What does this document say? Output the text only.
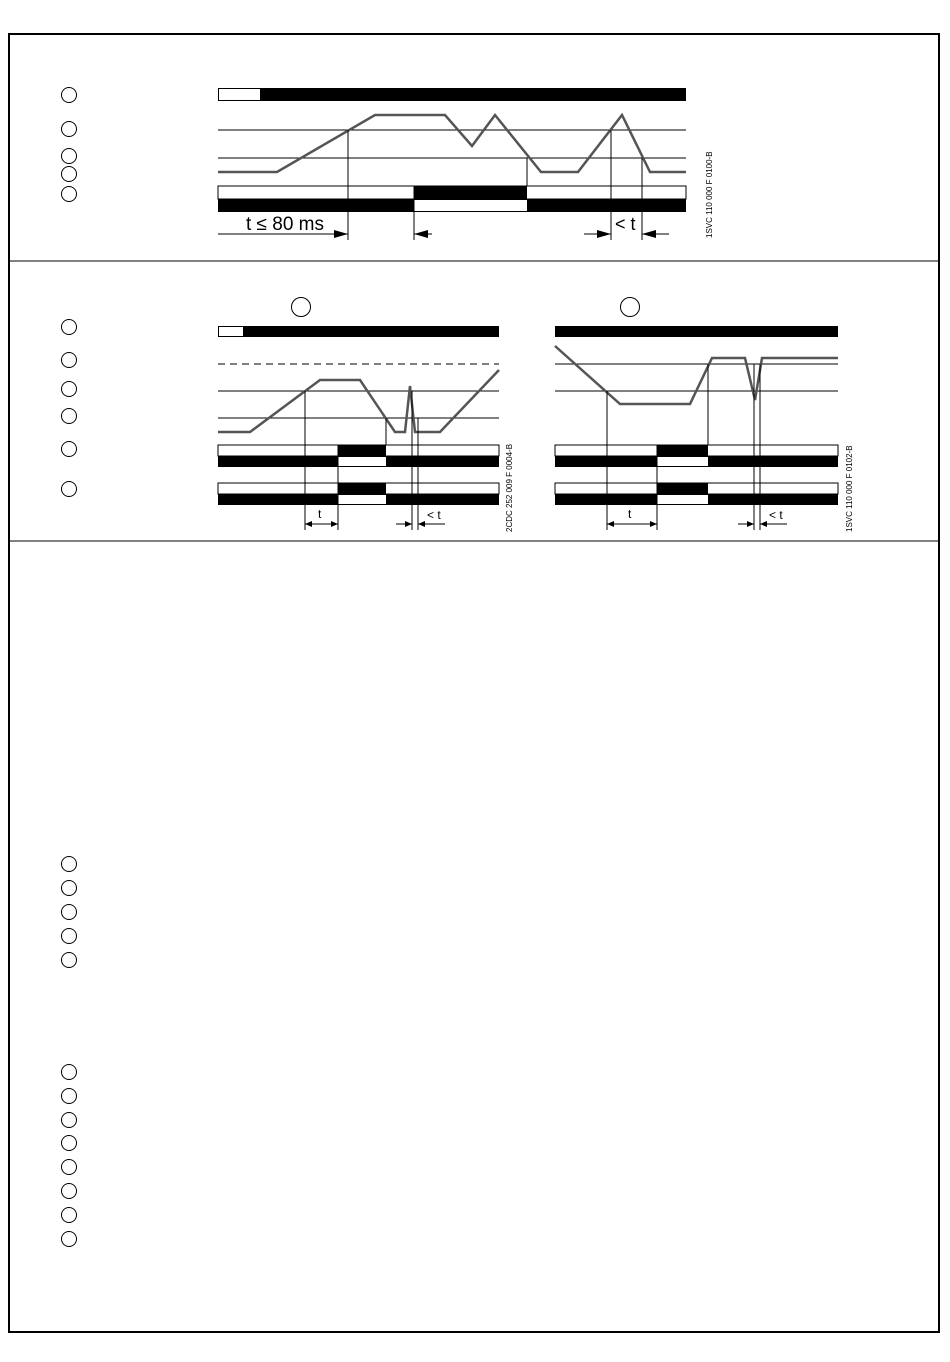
t ≤ 80 ms	< t	1SVC 110 000 F 0100-B
t	< t	2CDC 252 009 F 0004-B	t	< t	1SVC 110 000 F 0102-B
